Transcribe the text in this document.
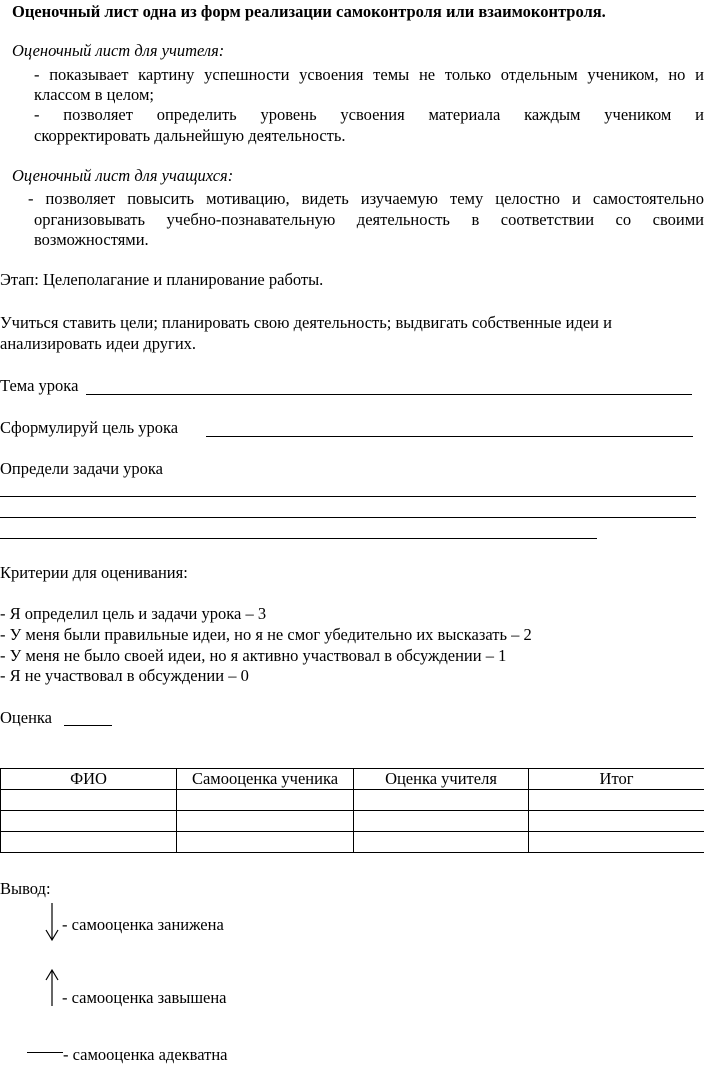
Оценочный лист одна из форм реализации самоконтроля или взаимоконтроля.
Оценочный лист для учителя:
- показывает картину успешности усвоения темы не только отдельным учеником, но и
классом в целом;
- позволяет определить уровень усвоения материала каждым учеником и
скорректировать дальнейшую деятельность.
Оценочный лист для учащихся:
- позволяет повысить мотивацию, видеть изучаемую тему целостно и самостоятельно
организовывать учебно-познавательную деятельность в соответствии со своими
возможностями.
Этап: Целеполагание и планирование работы.
Учиться ставить цели; планировать свою деятельность; выдвигать собственные идеи и
анализировать идеи других.
Тема урока
Сформулируй цель урока
Определи задачи урока
Критерии для оценивания:
- Я определил цель и задачи урока – 3
- У меня были правильные идеи, но я не смог убедительно их высказать – 2
- У меня не было своей идеи, но я активно участвовал в обсуждении – 1
- Я не участвовал в обсуждении – 0
Оценка
ФИО	Самооценка ученика	Оценка учителя	Итог

Вывод:
- самооценка занижена
- самооценка завышена
- самооценка адекватна
